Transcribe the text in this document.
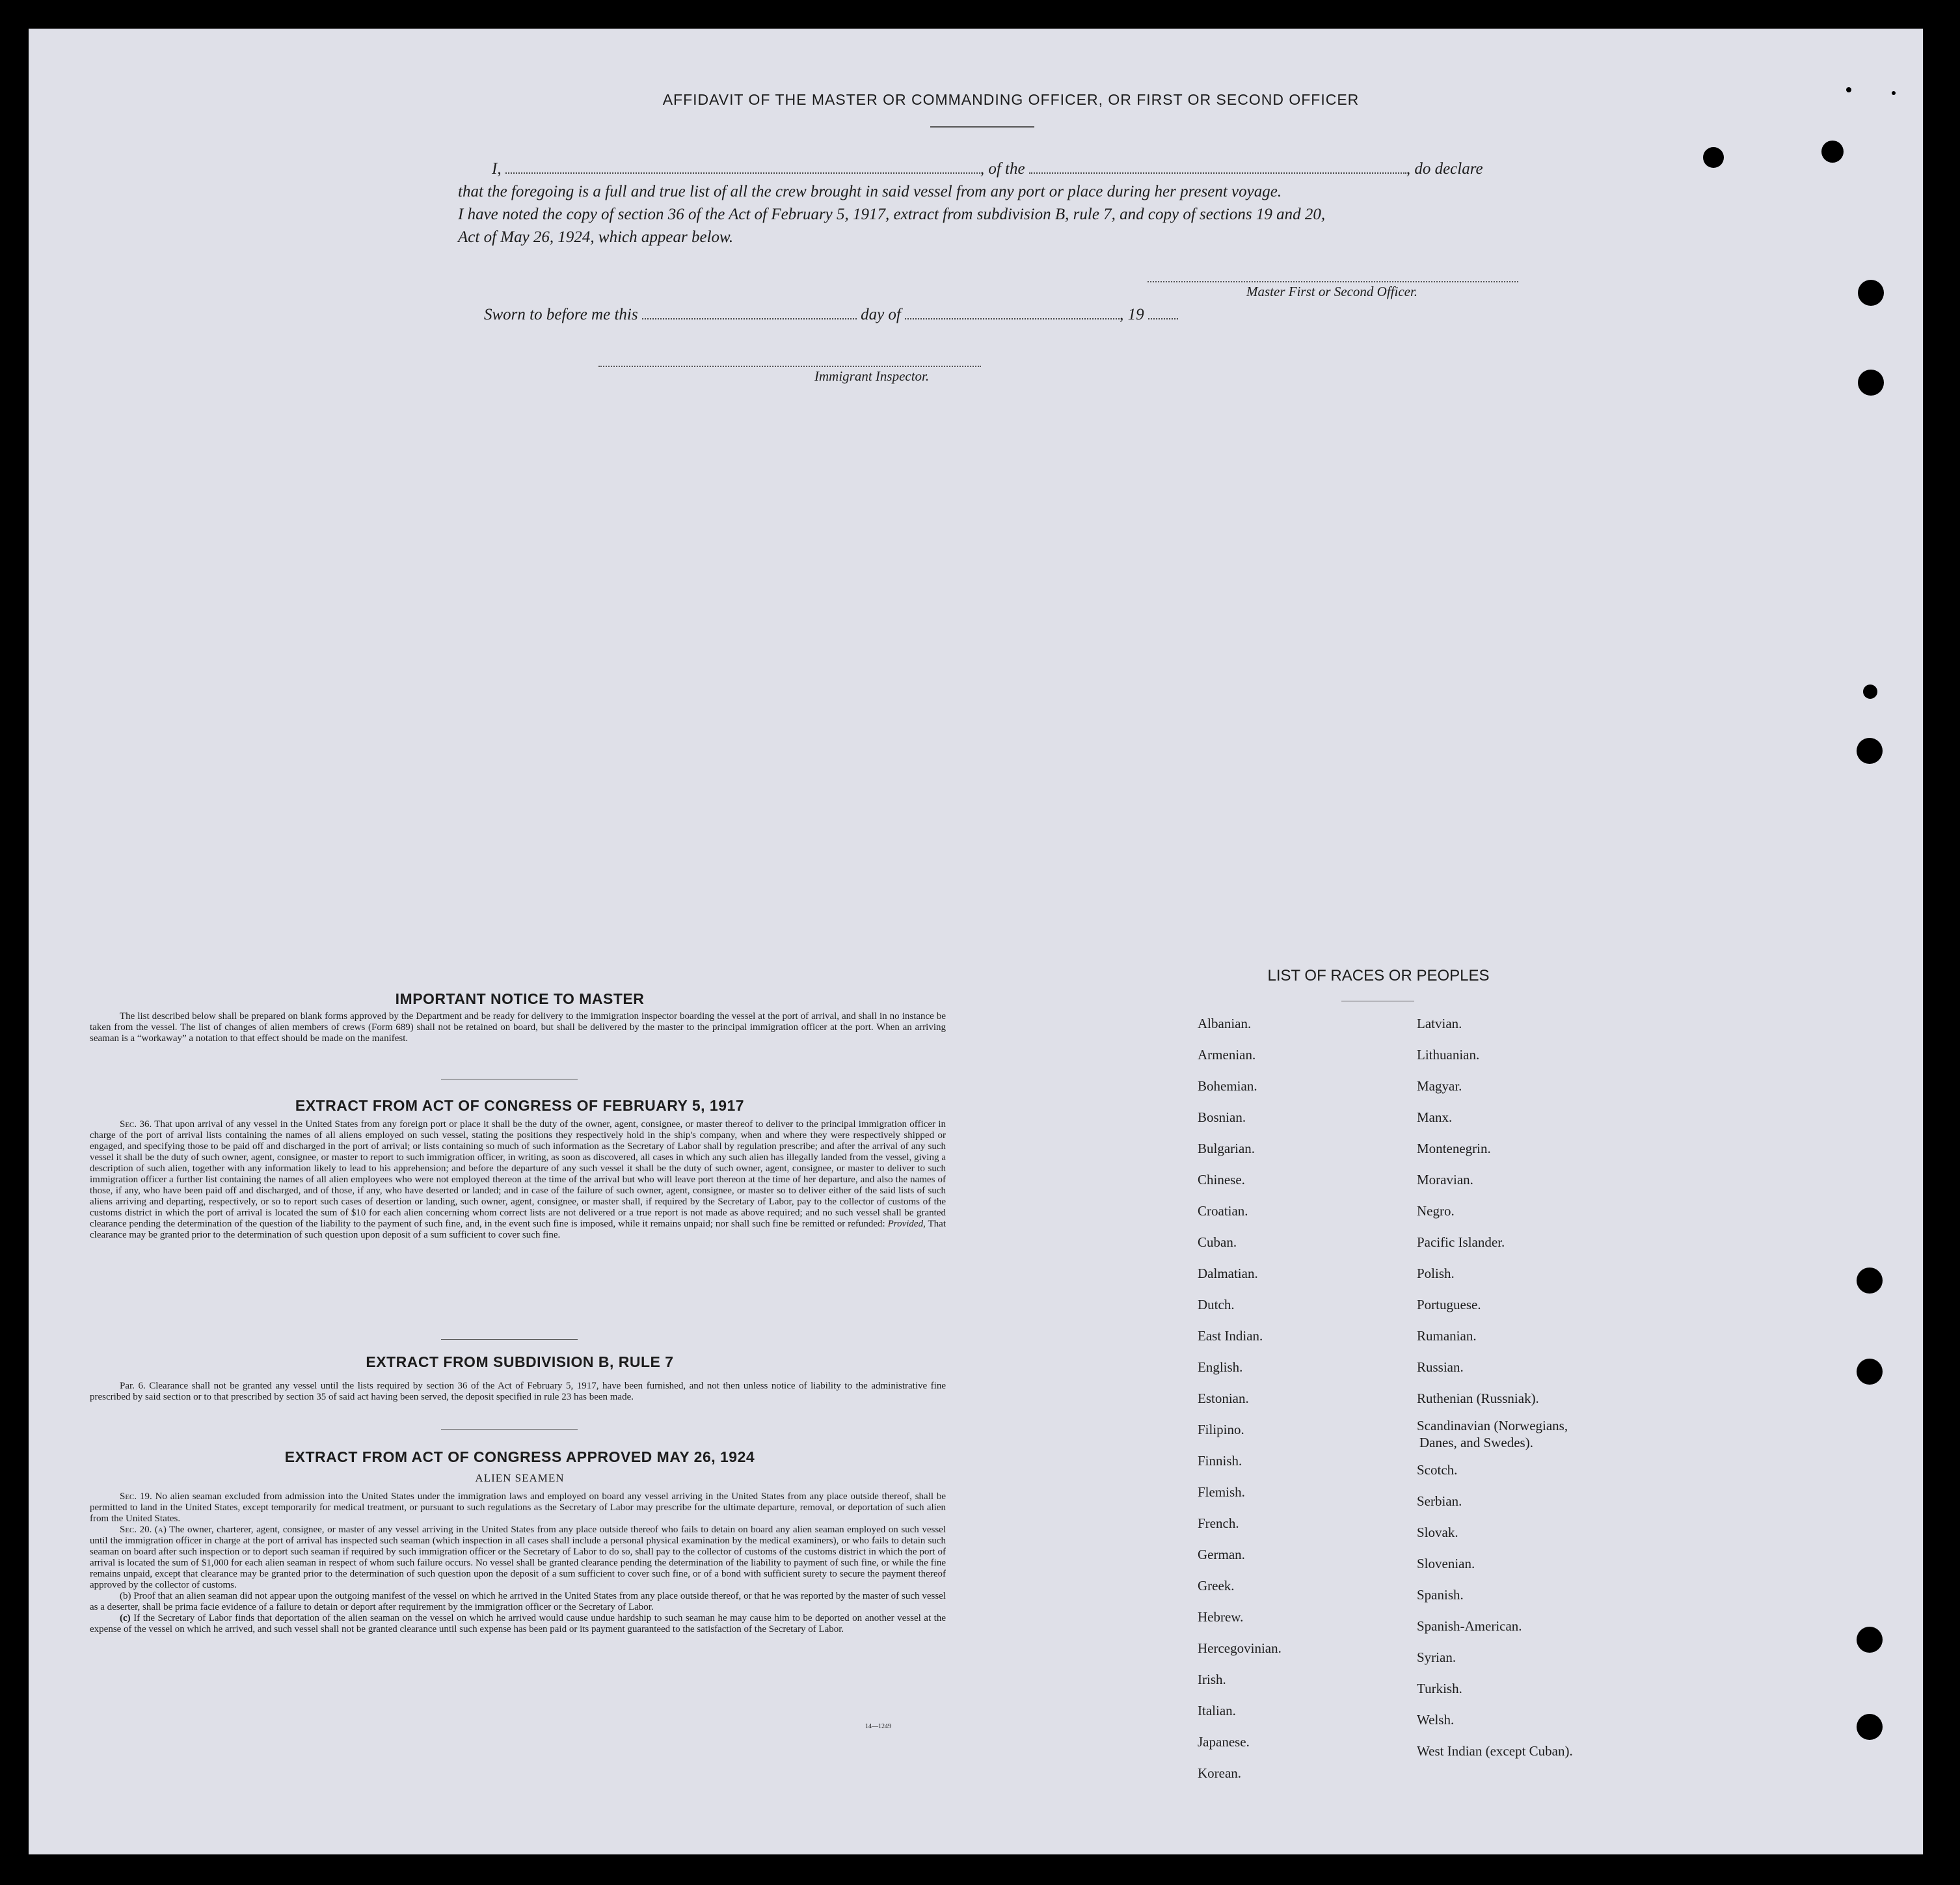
AFFIDAVIT OF THE MASTER OR COMMANDING OFFICER, OR FIRST OR SECOND OFFICER
I,	, of the	, do declare
that the foregoing is a full and true list of all the crew brought in said vessel from any port or place during her present voyage.
I have noted the copy of section 36 of the Act of February 5, 1917, extract from subdivision B, rule 7, and copy of sections 19 and 20,
Act of May 26, 1924, which appear below.
Master First or Second Officer.
Sworn to before me this	day of	, 19
Immigrant Inspector.
IMPORTANT NOTICE TO MASTER

The list described below shall be prepared on blank forms approved by the Department and be ready for delivery to the immigration inspector boarding the vessel at the port of arrival, and shall in no instance be taken from the vessel. The list of changes of alien members of crews (Form 689) shall not be retained on board, but shall be delivered by the master to the principal immigration officer at the port. When an arriving seaman is a “workaway” a notation to that effect should be made on the manifest.

EXTRACT FROM ACT OF CONGRESS OF FEBRUARY 5, 1917

Sec. 36. That upon arrival of any vessel in the United States from any foreign port or place it shall be the duty of the owner, agent, consignee, or master thereof to deliver to the principal immigration officer in charge of the port of arrival lists containing the names of all aliens employed on such vessel, stating the positions they respectively hold in the ship's company, when and where they were respectively shipped or engaged, and specifying those to be paid off and discharged in the port of arrival; or lists containing so much of such information as the Secretary of Labor shall by regulation prescribe; and after the arrival of any such vessel it shall be the duty of such owner, agent, consignee, or master to report to such immigration officer, in writing, as soon as discovered, all cases in which any such alien has illegally landed from the vessel, giving a description of such alien, together with any information likely to lead to his apprehension; and before the departure of any such vessel it shall be the duty of such owner, agent, consignee, or master to deliver to such immigration officer a further list containing the names of all alien employees who were not employed thereon at the time of the arrival but who will leave port thereon at the time of her departure, and also the names of those, if any, who have been paid off and discharged, and of those, if any, who have deserted or landed; and in case of the failure of such owner, agent, consignee, or master so to deliver either of the said lists of such aliens arriving and departing, respectively, or so to report such cases of desertion or landing, such owner, agent, consignee, or master shall, if required by the Secretary of Labor, pay to the collector of customs of the customs district in which the port of arrival is located the sum of $10 for each alien concerning whom correct lists are not delivered or a true report is not made as above required; and no such vessel shall be granted clearance pending the determination of the question of the liability to the payment of such fine, and, in the event such fine is imposed, while it remains unpaid; nor shall such fine be remitted or refunded: Provided, That clearance may be granted prior to the determination of such question upon deposit of a sum sufficient to cover such fine.

EXTRACT FROM SUBDIVISION B, RULE 7

Par. 6. Clearance shall not be granted any vessel until the lists required by section 36 of the Act of February 5, 1917, have been furnished, and not then unless notice of liability to the administrative fine prescribed by said section or to that prescribed by section 35 of said act having been served, the deposit specified in rule 23 has been made.

EXTRACT FROM ACT OF CONGRESS APPROVED MAY 26, 1924
ALIEN SEAMEN

Sec. 19. No alien seaman excluded from admission into the United States under the immigration laws and employed on board any vessel arriving in the United States from any place outside thereof, shall be permitted to land in the United States, except temporarily for medical treatment, or pursuant to such regulations as the Secretary of Labor may prescribe for the ultimate departure, removal, or deportation of such alien from the United States.

Sec. 20. (a) The owner, charterer, agent, consignee, or master of any vessel arriving in the United States from any place outside thereof who fails to detain on board any alien seaman employed on such vessel until the immigration officer in charge at the port of arrival has inspected such seaman (which inspection in all cases shall include a personal physical examination by the medical examiners), or who fails to detain such seaman on board after such inspection or to deport such seaman if required by such immigration officer or the Secretary of Labor to do so, shall pay to the collector of customs of the customs district in which the port of arrival is located the sum of $1,000 for each alien seaman in respect of whom such failure occurs. No vessel shall be granted clearance pending the determination of the liability to payment of such fine, or while the fine remains unpaid, except that clearance may be granted prior to the determination of such question upon the deposit of a sum sufficient to cover such fine, or of a bond with sufficient surety to secure the payment thereof approved by the collector of customs.

(b) Proof that an alien seaman did not appear upon the outgoing manifest of the vessel on which he arrived in the United States from any place outside thereof, or that he was reported by the master of such vessel as a deserter, shall be prima facie evidence of a failure to detain or deport after requirement by the immigration officer or the Secretary of Labor.

(c) If the Secretary of Labor finds that deportation of the alien seaman on the vessel on which he arrived would cause undue hardship to such seaman he may cause him to be deported on another vessel at the expense of the vessel on which he arrived, and such vessel shall not be granted clearance until such expense has been paid or its payment guaranteed to the satisfaction of the Secretary of Labor.

14—1249
LIST OF RACES OR PEOPLES
Albanian.
Armenian.
Bohemian.
Bosnian.
Bulgarian.
Chinese.
Croatian.
Cuban.
Dalmatian.
Dutch.
East Indian.
English.
Estonian.
Filipino.
Finnish.
Flemish.
French.
German.
Greek.
Hebrew.
Hercegovinian.
Irish.
Italian.
Japanese.
Korean.
Latvian.
Lithuanian.
Magyar.
Manx.
Montenegrin.
Moravian.
Negro.
Pacific Islander.
Polish.
Portuguese.
Rumanian.
Russian.
Ruthenian (Russniak).
Scandinavian (Norwegians,
Danes, and Swedes).
Scotch.
Serbian.
Slovak.
Slovenian.
Spanish.
Spanish-American.
Syrian.
Turkish.
Welsh.
West Indian (except Cuban).
